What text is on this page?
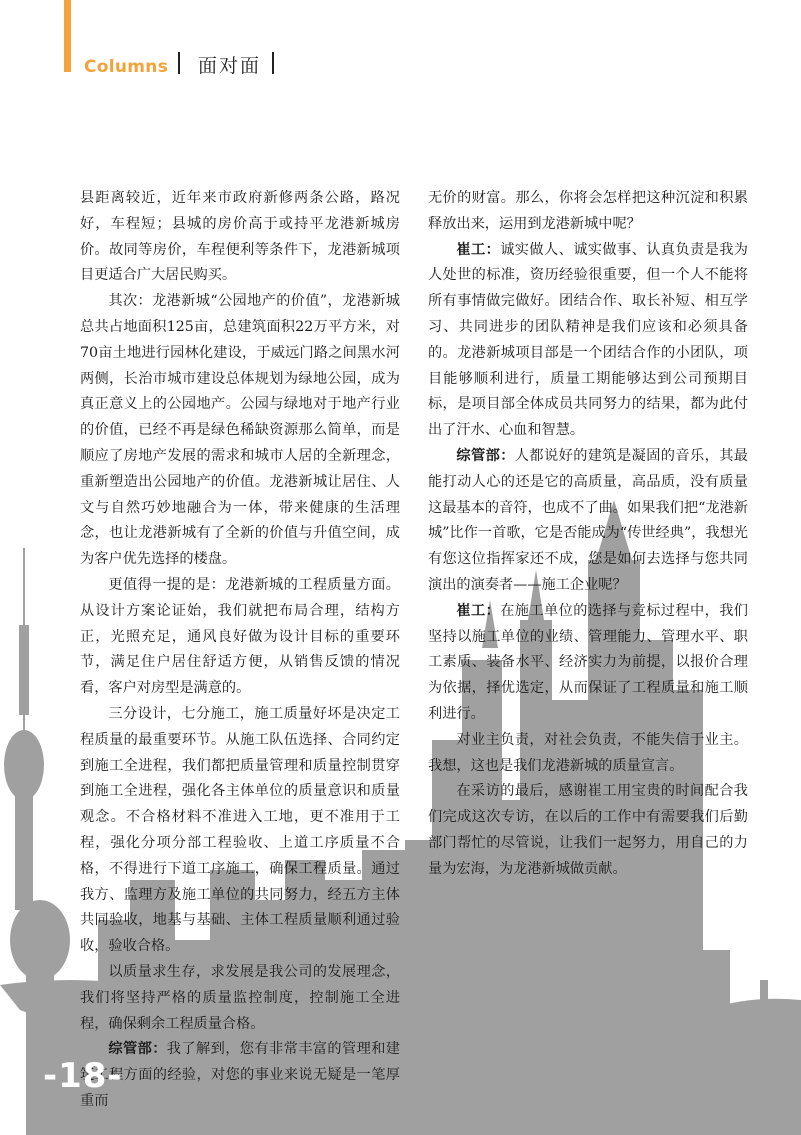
Columns 面对面

县距离较近，近年来市政府新修两条公路，路况好，车程短；县城的房价高于或持平龙港新城房价。故同等房价，车程便利等条件下，龙港新城项目更适合广大居民购买。

其次：龙港新城“公园地产的价值”，龙港新城总共占地面积125亩，总建筑面积22万平方米，对70亩土地进行园林化建设，于威远门路之间黑水河两侧，长治市城市建设总体规划为绿地公园，成为真正意义上的公园地产。公园与绿地对于地产行业的价值，已经不再是绿色稀缺资源那么简单，而是顺应了房地产发展的需求和城市人居的全新理念，重新塑造出公园地产的价值。龙港新城让居住、人文与自然巧妙地融合为一体，带来健康的生活理念，也让龙港新城有了全新的价值与升值空间，成为客户优先选择的楼盘。

更值得一提的是：龙港新城的工程质量方面。从设计方案论证始，我们就把布局合理，结构方正，光照充足，通风良好做为设计目标的重要环节，满足住户居住舒适方便，从销售反馈的情况看，客户对房型是满意的。

三分设计，七分施工，施工质量好坏是决定工程质量的最重要环节。从施工队伍选择、合同约定到施工全进程，我们都把质量管理和质量控制贯穿到施工全进程，强化各主体单位的质量意识和质量观念。不合格材料不准进入工地，更不准用于工程，强化分项分部工程验收、上道工序质量不合格，不得进行下道工序施工，确保工程质量。通过我方、监理方及施工单位的共同努力，经五方主体共同验收，地基与基础、主体工程质量顺利通过验收，验收合格。

以质量求生存，求发展是我公司的发展理念，我们将坚持严格的质量监控制度，控制施工全进程，确保剩余工程质量合格。

综管部：我了解到，您有非常丰富的管理和建筑工程方面的经验，对您的事业来说无疑是一笔厚重而

无价的财富。那么，你将会怎样把这种沉淀和积累释放出来，运用到龙港新城中呢？

崔工：诚实做人、诚实做事、认真负责是我为人处世的标准，资历经验很重要，但一个人不能将所有事情做完做好。团结合作、取长补短、相互学习、共同进步的团队精神是我们应该和必须具备的。龙港新城项目部是一个团结合作的小团队，项目能够顺利进行，质量工期能够达到公司预期目标，是项目部全体成员共同努力的结果，都为此付出了汗水、心血和智慧。

综管部：人都说好的建筑是凝固的音乐，其最能打动人心的还是它的高质量，高品质，没有质量这最基本的音符，也成不了曲。如果我们把“龙港新城”比作一首歌，它是否能成为“传世经典”，我想光有您这位指挥家还不成，您是如何去选择与您共同演出的演奏者——施工企业呢？

崔工：在施工单位的选择与竞标过程中，我们坚持以施工单位的业绩、管理能力、管理水平、职工素质、装备水平、经济实力为前提，以报价合理为依据，择优选定，从而保证了工程质量和施工顺利进行。

对业主负责，对社会负责，不能失信于业主。我想，这也是我们龙港新城的质量宣言。

在采访的最后，感谢崔工用宝贵的时间配合我们完成这次专访，在以后的工作中有需要我们后勤部门帮忙的尽管说，让我们一起努力，用自己的力量为宏海，为龙港新城做贡献。

-18-
